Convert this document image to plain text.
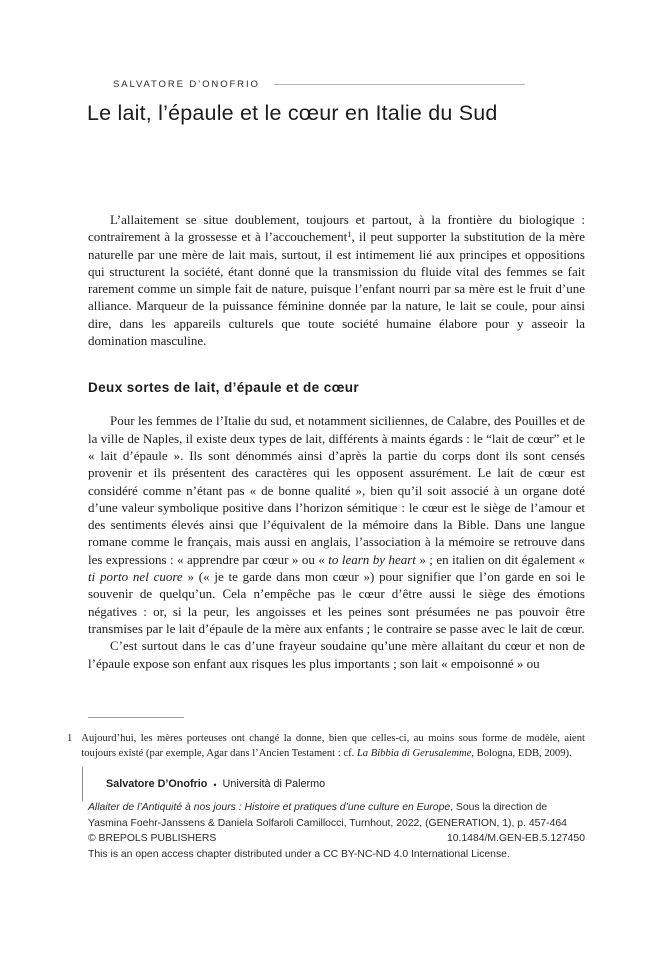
SALVATORE D’ONOFRIO
Le lait, l’épaule et le cœur en Italie du Sud

L’allaitement se situe doublement, toujours et partout, à la frontière du biologique : contrairement à la grossesse et à l’accouchement$^1$, il peut supporter la substitution de la mère naturelle par une mère de lait mais, surtout, il est intimement lié aux principes et oppositions qui structurent la société, étant donné que la transmission du fluide vital des femmes se fait rarement comme un simple fait de nature, puisque l’enfant nourri par sa mère est le fruit d’une alliance. Marqueur de la puissance féminine donnée par la nature, le lait se coule, pour ainsi dire, dans les appareils culturels que toute société humaine élabore pour y asseoir la domination masculine.

Deux sortes de lait, d’épaule et de cœur

Pour les femmes de l’Italie du sud, et notamment siciliennes, de Calabre, des Pouilles et de la ville de Naples, il existe deux types de lait, différents à maints égards : le “lait de cœur” et le « lait d’épaule ». Ils sont dénommés ainsi d’après la partie du corps dont ils sont censés provenir et ils présentent des caractères qui les opposent assurément. Le lait de cœur est considéré comme n’étant pas « de bonne qualité », bien qu’il soit associé à un organe doté d’une valeur symbolique positive dans l’horizon sémitique : le cœur est le siège de l’amour et des sentiments élevés ainsi que l’équivalent de la mémoire dans la Bible. Dans une langue romane comme le français, mais aussi en anglais, l’association à la mémoire se retrouve dans les expressions : « apprendre par cœur » ou « to learn by heart » ; en italien on dit également « ti porto nel cuore » (« je te garde dans mon cœur ») pour signifier que l’on garde en soi le souvenir de quelqu’un. Cela n’empêche pas le cœur d’être aussi le siège des émotions négatives : or, si la peur, les angoisses et les peines sont présumées ne pas pouvoir être transmises par le lait d’épaule de la mère aux enfants ; le contraire se passe avec le lait de cœur.

C’est surtout dans le cas d’une frayeur soudaine qu’une mère allaitant du cœur et non de l’épaule expose son enfant aux risques les plus importants ; son lait « empoisonné » ou

1 Aujourd’hui, les mères porteuses ont changé la donne, bien que celles-ci, au moins sous forme de modèle, aient toujours existé (par exemple, Agar dans l’Ancien Testament : cf. La Bibbia di Gerusalemme, Bologna, EDB, 2009).
Salvatore D’Onofrio • Università di Palermo

Allaiter de l’Antiquité à nos jours : Histoire et pratiques d’une culture en Europe, Sous la direction de Yasmina Foehr-Janssens & Daniela Solfaroli Camillocci, Turnhout, 2022, (GENERATION, 1), p. 457-464

© BREPOLS PUBLISHERS	10.1484/M.GEN-EB.5.127450

This is an open access chapter distributed under a CC BY-NC-ND 4.0 International License.
